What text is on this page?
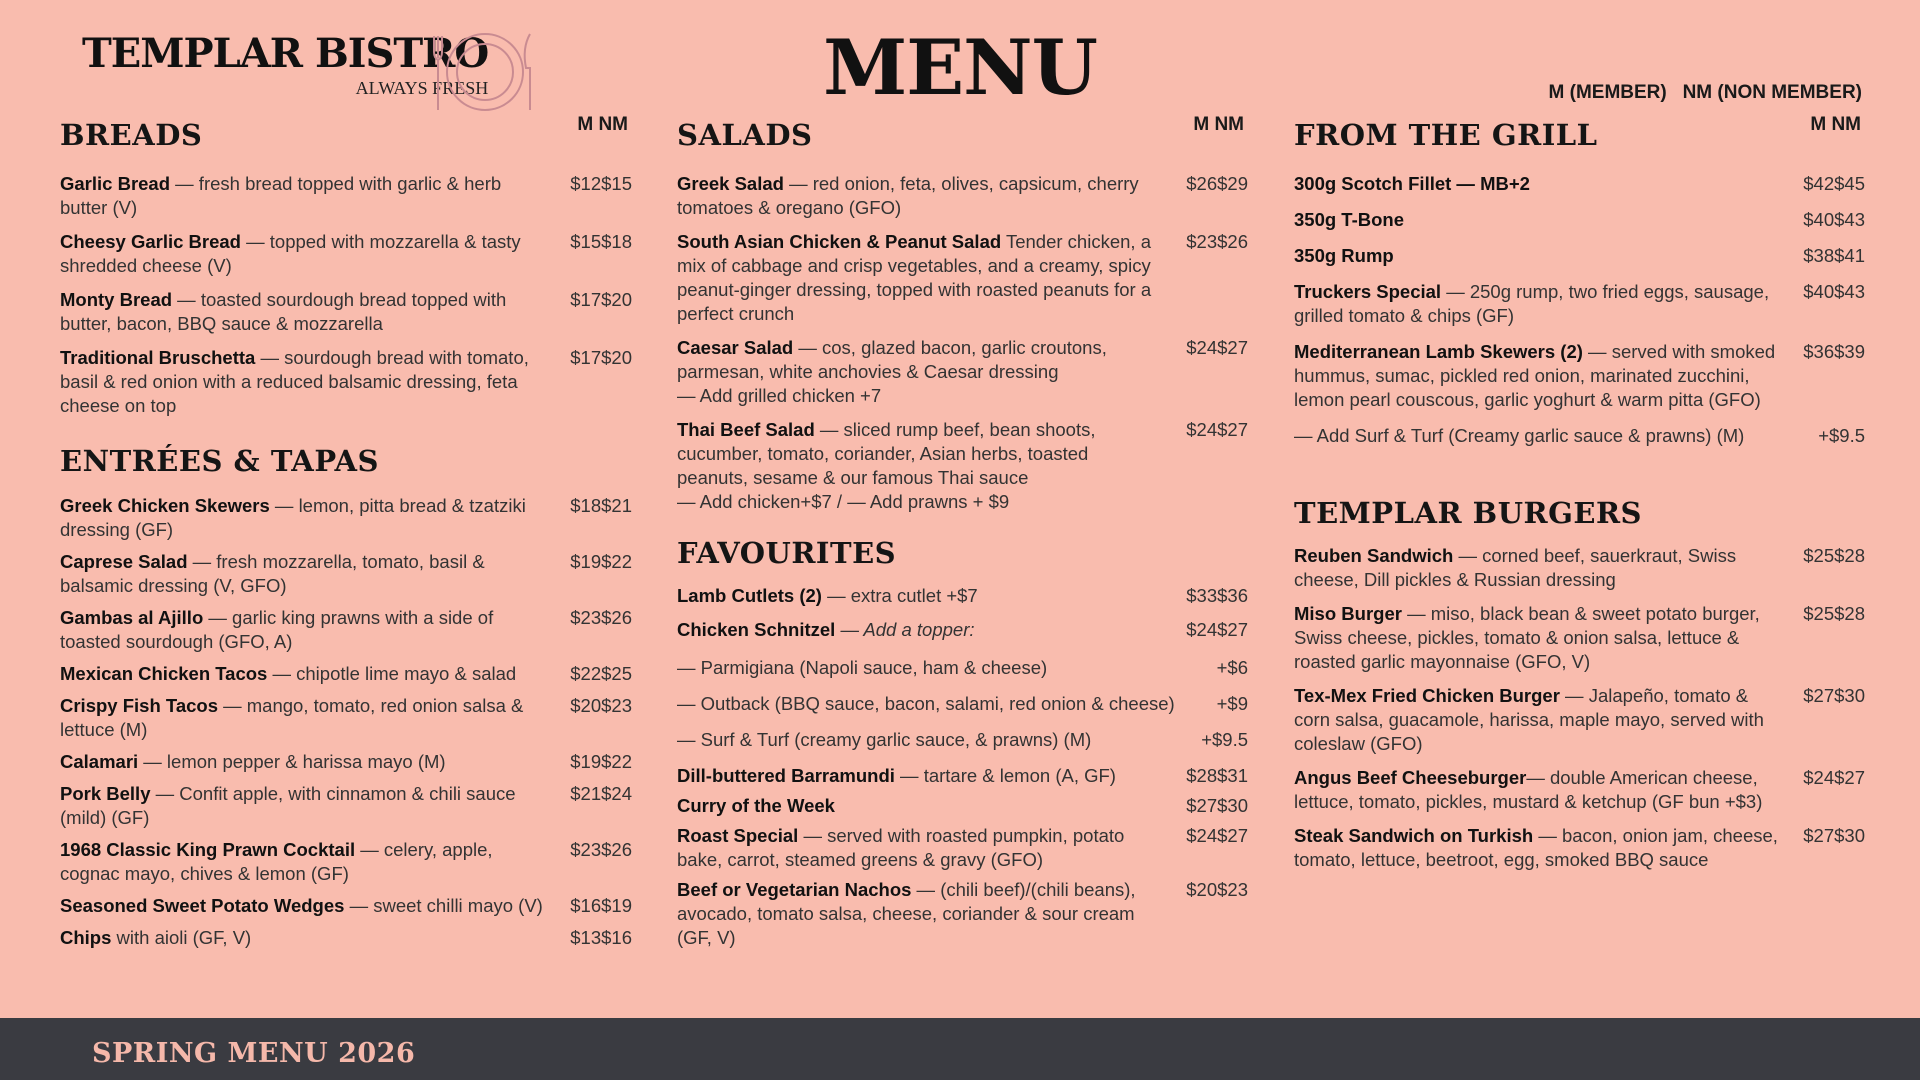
TEMPLAR BISTRO
ALWAYS FRESH	MENU	M (MEMBER)   NM (NON MEMBER)
BREADS	M NM
Garlic Bread — fresh bread topped with garlic & herb butter (V)
$12$15
Cheesy Garlic Bread — topped with mozzarella & tasty shredded cheese (V)
$15$18
Monty Bread — toasted sourdough bread topped with butter, bacon, BBQ sauce & mozzarella
$17$20
Traditional Bruschetta — sourdough bread with tomato, basil & red onion with a reduced balsamic dressing, feta cheese on top
$17$20
ENTRÉES & TAPAS
Greek Chicken Skewers — lemon, pitta bread & tzatziki dressing (GF)
$18$21
Caprese Salad — fresh mozzarella, tomato, basil & balsamic dressing (V, GFO)
$19$22
Gambas al Ajillo — garlic king prawns with a side of toasted sourdough (GFO, A)
$23$26
Mexican Chicken Tacos — chipotle lime mayo & salad	$22$25
Crispy Fish Tacos — mango, tomato, red onion salsa & lettuce (M)
$20$23
Calamari — lemon pepper & harissa mayo (M)	$19$22
Pork Belly — Confit apple, with cinnamon & chili sauce (mild) (GF)
$21$24
1968 Classic King Prawn Cocktail — celery, apple, cognac mayo, chives & lemon (GF)
$23$26
Seasoned Sweet Potato Wedges — sweet chilli mayo (V)	$16$19
Chips with aioli (GF, V)	$13$16
SALADS	M NM
Greek Salad — red onion, feta, olives, capsicum, cherry tomatoes & oregano (GFO)
$26$29
South Asian Chicken & Peanut Salad Tender chicken, a mix of cabbage and crisp vegetables, and a creamy, spicy peanut-ginger dressing, topped with roasted peanuts for a perfect crunch
$23$26
Caesar Salad — cos, glazed bacon, garlic croutons, parmesan, white anchovies & Caesar dressing
— Add grilled chicken +7
$24$27
Thai Beef Salad — sliced rump beef, bean shoots, cucumber, tomato, coriander, Asian herbs, toasted peanuts, sesame & our famous Thai sauce
— Add chicken+$7 / — Add prawns + $9
$24$27
FAVOURITES
Lamb Cutlets (2) — extra cutlet +$7	$33$36
Chicken Schnitzel — Add a topper:	$24$27
— Parmigiana (Napoli sauce, ham & cheese)	+$6
— Outback (BBQ sauce, bacon, salami, red onion & cheese)	+$9
— Surf & Turf (creamy garlic sauce, & prawns) (M)	+$9.5
Dill-buttered Barramundi — tartare & lemon (A, GF)	$28$31
Curry of the Week	$27$30
Roast Special — served with roasted pumpkin, potato bake, carrot, steamed greens & gravy (GFO)
$24$27
Beef or Vegetarian Nachos — (chili beef)/(chili beans), avocado, tomato salsa, cheese, coriander & sour cream (GF, V)
$20$23
FROM THE GRILL	M NM
300g Scotch Fillet — MB+2	$42$45
350g T-Bone	$40$43
350g Rump	$38$41
Truckers Special — 250g rump, two fried eggs, sausage, grilled tomato & chips (GF)
$40$43
Mediterranean Lamb Skewers (2) — served with smoked hummus, sumac, pickled red onion, marinated zucchini, lemon pearl couscous, garlic yoghurt & warm pitta (GFO)
$36$39
— Add Surf & Turf (Creamy garlic sauce & prawns) (M)	+$9.5
TEMPLAR BURGERS
Reuben Sandwich — corned beef, sauerkraut, Swiss cheese, Dill pickles & Russian dressing
$25$28
Miso Burger — miso, black bean & sweet potato burger, Swiss cheese, pickles, tomato & onion salsa, lettuce & roasted garlic mayonnaise (GFO, V)
$25$28
Tex-Mex Fried Chicken Burger — Jalapeño, tomato & corn salsa, guacamole, harissa, maple mayo, served with coleslaw (GFO)
$27$30
Angus Beef Cheeseburger— double American cheese, lettuce, tomato, pickles, mustard & ketchup (GF bun +$3)
$24$27
Steak Sandwich on Turkish — bacon, onion jam, cheese, tomato, lettuce, beetroot, egg, smoked BBQ sauce
$27$30
SPRING MENU 2026
